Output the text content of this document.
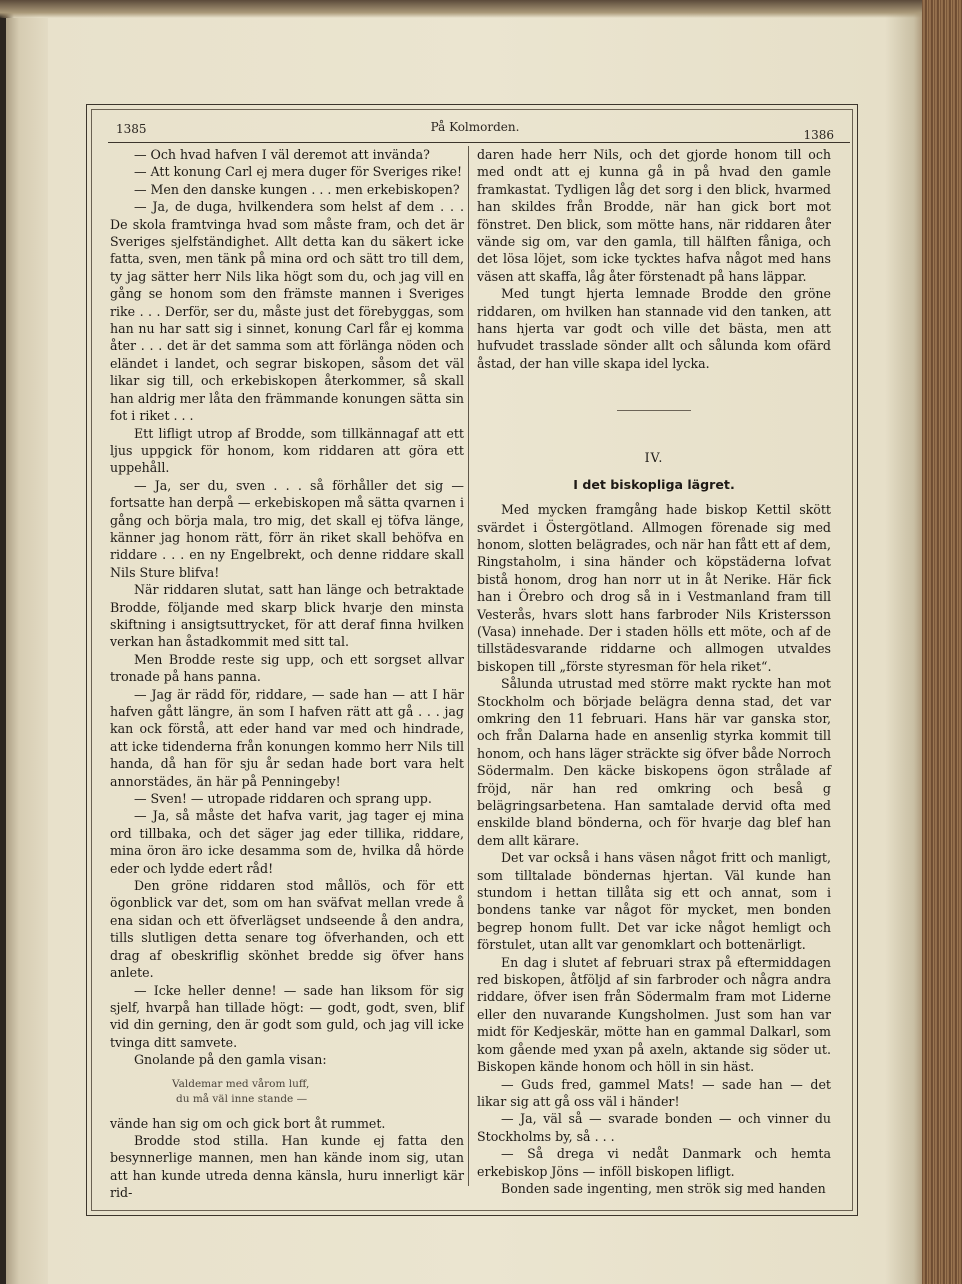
1385	På Kolmorden.
1386

— Och hvad hafven I väl deremot att invända?

— Att konung Carl ej mera duger för Sveriges rike!

— Men den danske kungen . . . men erkebiskopen?

— Ja, de duga, hvilkendera som helst af dem . . . De skola framtvinga hvad som måste fram, och det är Sveriges sjelfständighet. Allt detta kan du säkert icke fatta, sven, men tänk på mina ord och sätt tro till dem, ty jag sätter herr Nils lika högt som du, och jag vill en gång se honom som den främste mannen i Sveriges rike . . . Derför, ser du, måste just det förebyggas, som han nu har satt sig i sinnet, konung Carl får ej komma åter . . . det är det samma som att förlänga nöden och eländet i landet, och segrar biskopen, såsom det väl likar sig till, och erkebiskopen återkommer, så skall han aldrig mer låta den främmande konungen sätta sin fot i riket . . .

Ett lifligt utrop af Brodde, som tillkännagaf att ett ljus uppgick för honom, kom riddaren att göra ett uppehåll.

— Ja, ser du, sven . . . så förhåller det sig — fortsatte han derpå — erkebiskopen må sätta qvarnen i gång och börja mala, tro mig, det skall ej töfva länge, känner jag honom rätt, förr än riket skall behöfva en riddare . . . en ny Engelbrekt, och denne riddare skall Nils Sture blifva!

När riddaren slutat, satt han länge och betraktade Brodde, följande med skarp blick hvarje den minsta skiftning i ansigtsuttrycket, för att deraf finna hvilken verkan han åstadkommit med sitt tal.

Men Brodde reste sig upp, och ett sorgset allvar tronade på hans panna.

— Jag är rädd för, riddare, — sade han — att I här hafven gått längre, än som I hafven rätt att gå . . . jag kan ock förstå, att eder hand var med och hindrade, att icke tidenderna från konungen kommo herr Nils till handa, då han för sju år sedan hade bort vara helt annorstädes, än här på Penningeby!

— Sven! — utropade riddaren och sprang upp.

— Ja, så måste det hafva varit, jag tager ej mina ord tillbaka, och det säger jag eder tillika, riddare, mina öron äro icke desamma som de, hvilka då hörde eder och lydde edert råd!

Den gröne riddaren stod mållös, och för ett ögonblick var det, som om han sväfvat mellan vrede å ena sidan och ett öfverlägset undseende å den andra, tills slutligen detta senare tog öfverhanden, och ett drag af obeskriflig skönhet bredde sig öfver hans anlete.

— Icke heller denne! — sade han liksom för sig sjelf, hvarpå han tillade högt: — godt, godt, sven, blif vid din gerning, den är godt som guld, och jag vill icke tvinga ditt samvete.

Gnolande på den gamla visan:

Valdemar med vårom luff,
du må väl inne stande —

vände han sig om och gick bort åt rummet.

Brodde stod stilla. Han kunde ej fatta den besynnerlige mannen, men han kände inom sig, utan att han kunde utreda denna känsla, huru innerligt kär rid-

daren hade herr Nils, och det gjorde honom till och med ondt att ej kunna gå in på hvad den gamle framkastat. Tydligen låg det sorg i den blick, hvarmed han skildes från Brodde, när han gick bort mot fönstret. Den blick, som mötte hans, när riddaren åter vände sig om, var den gamla, till hälften fåniga, och det lösa löjet, som icke tycktes hafva något med hans väsen att skaffa, låg åter förstenadt på hans läppar.

Med tungt hjerta lemnade Brodde den gröne riddaren, om hvilken han stannade vid den tanken, att hans hjerta var godt och ville det bästa, men att hufvudet trasslade sönder allt och sålunda kom ofärd åstad, der han ville skapa idel lycka.

IV.

I det biskopliga lägret.

Med mycken framgång hade biskop Kettil skött svärdet i Östergötland. Allmogen förenade sig med honom, slotten belägrades, och när han fått ett af dem, Ringstaholm, i sina händer och köpstäderna lofvat bistå honom, drog han norr ut in åt Nerike. Här fick han i Örebro och drog så in i Vestmanland fram till Vesterås, hvars slott hans farbroder Nils Kristersson (Vasa) innehade. Der i staden hölls ett möte, och af de tillstädesvarande riddarne och allmogen utvaldes biskopen till „förste styresman för hela riket“.

Sålunda utrustad med större makt ryckte han mot Stockholm och började belägra denna stad, det var omkring den 11 februari. Hans här var ganska stor, och från Dalarna hade en ansenlig styrka kommit till honom, och hans läger sträckte sig öfver både Norroch Södermalm. Den käcke biskopens ögon strålade af fröjd, när han red omkring och beså g belägringsarbetena. Han samtalade dervid ofta med enskilde bland bönderna, och för hvarje dag blef han dem allt kärare.

Det var också i hans väsen något fritt och manligt, som tilltalade böndernas hjertan. Väl kunde han stundom i hettan tillåta sig ett och annat, som i bondens tanke var något för mycket, men bonden begrep honom fullt. Det var icke något hemligt och förstulet, utan allt var genomklart och bottenärligt.

En dag i slutet af februari strax på eftermiddagen red biskopen, åtföljd af sin farbroder och några andra riddare, öfver isen från Södermalm fram mot Liderne eller den nuvarande Kungsholmen. Just som han var midt för Kedjeskär, mötte han en gammal Dalkarl, som kom gående med yxan på axeln, aktande sig söder ut. Biskopen kände honom och höll in sin häst.

— Guds fred, gammel Mats! — sade han — det likar sig att gå oss väl i händer!

— Ja, väl så — svarade bonden — och vinner du Stockholms by, så . . .

— Så drega vi nedåt Danmark och hemta erkebiskop Jöns — inföll biskopen lifligt.

Bonden sade ingenting, men strök sig med handen
